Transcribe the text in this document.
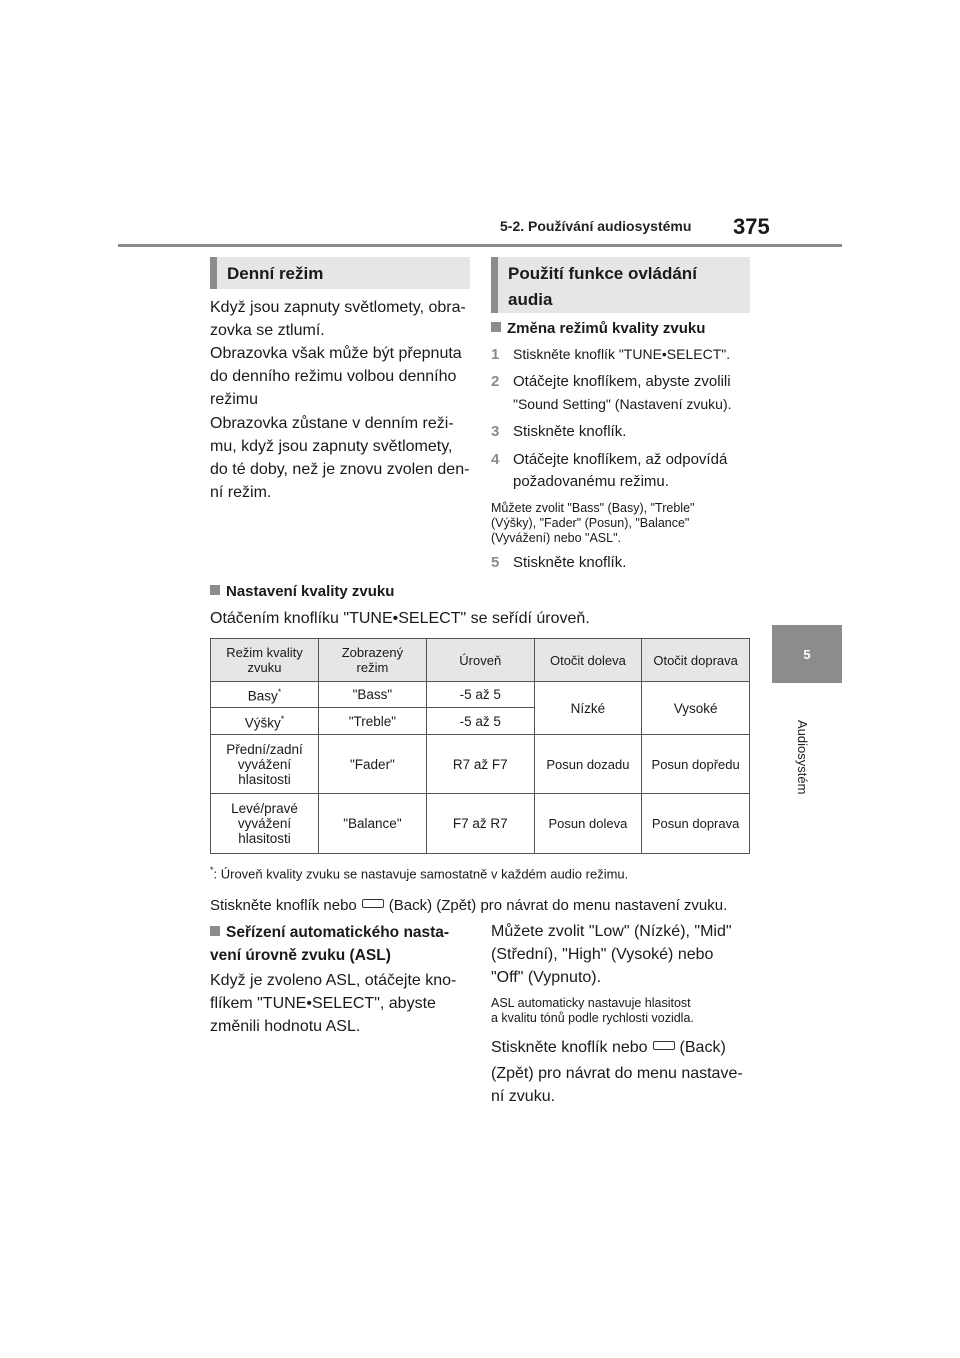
5-2. Používání audiosystému 375
5
Audiosystém
Denní režim
Když jsou zapnuty světlomety, obra-
zovka se ztlumí.
Obrazovka však může být přepnuta
do denního režimu volbou denního
režimu
Obrazovka zůstane v denním reži-
mu, když jsou zapnuty světlomety,
do té doby, než je znovu zvolen den-
ní režim.
Použití funkce ovládání
audia
Změna režimů kvality zvuku
1 Stiskněte knoflík "TUNE•SELECT".
2 Otáčejte knoflíkem, abyste zvolili
"Sound Setting" (Nastavení zvuku).
3 Stiskněte knoflík.
4 Otáčejte knoflíkem, až odpovídá
požadovanému režimu.
Můžete zvolit "Bass" (Basy), "Treble"
(Výšky), "Fader" (Posun), "Balance"
(Vyvážení) nebo "ASL".
5 Stiskněte knoflík.
Nastavení kvality zvuku
Otáčením knoflíku "TUNE•SELECT" se seřídí úroveň.
Režim kvality zvuku	Zobrazený režim	Úroveň	Otočit doleva	Otočit doprava
Basy*	"Bass"	-5 až 5	Nízké	Vysoké
Výšky*	"Treble"	-5 až 5		
Přední/zadní vyvážení hlasitosti	"Fader"	R7 až F7	Posun dozadu	Posun dopředu
Levé/pravé vyvážení hlasitosti	"Balance"	F7 až R7	Posun doleva	Posun doprava
*: Úroveň kvality zvuku se nastavuje samostatně v každém audio režimu.
Stiskněte knoflík nebo (Back) (Zpět) pro návrat do menu nastavení zvuku.
Seřízení automatického nasta-
vení úrovně zvuku (ASL)
Když je zvoleno ASL, otáčejte kno-
flíkem "TUNE•SELECT", abyste
změnili hodnotu ASL.
Můžete zvolit "Low" (Nízké), "Mid"
(Střední), "High" (Vysoké) nebo
"Off" (Vypnuto).
ASL automaticky nastavuje hlasitost
a kvalitu tónů podle rychlosti vozidla.
Stiskněte knoflík nebo (Back)
(Zpět) pro návrat do menu nastave-
ní zvuku.
